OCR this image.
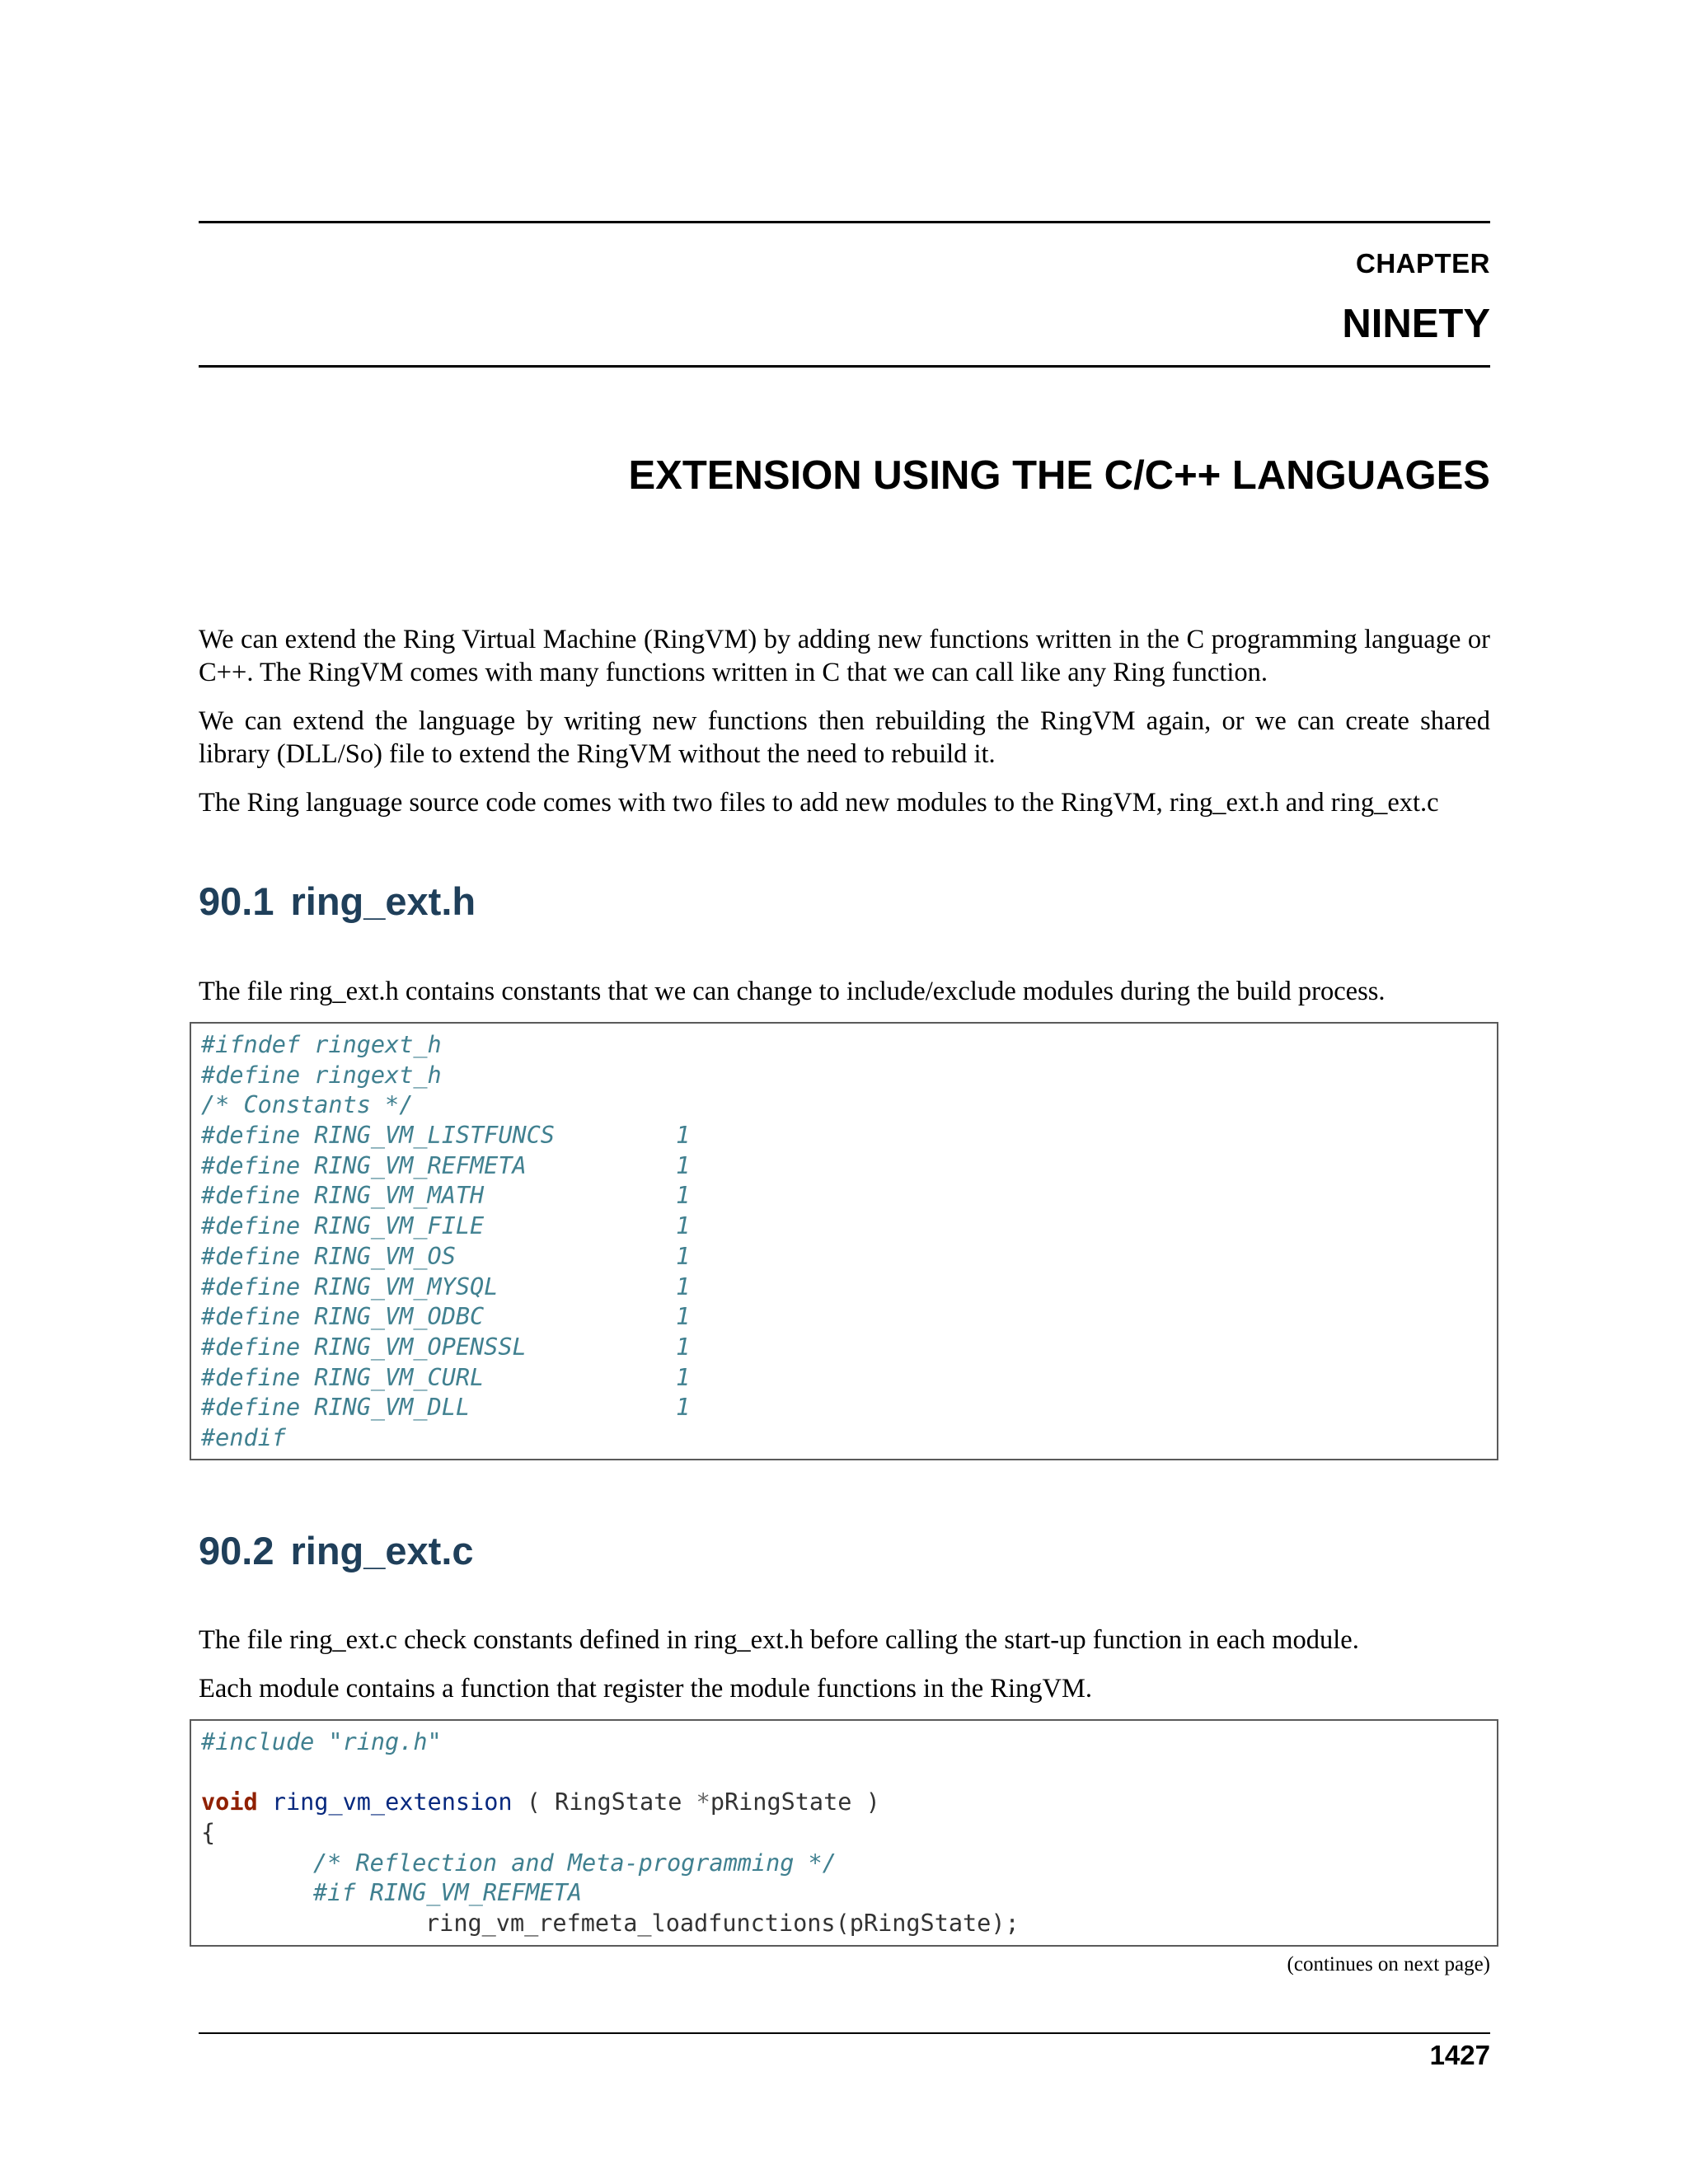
CHAPTER
NINETY
EXTENSION USING THE C/C++ LANGUAGES

We can extend the Ring Virtual Machine (RingVM) by adding new functions written in the C programming language or C++. The RingVM comes with many functions written in C that we can call like any Ring function.

We can extend the language by writing new functions then rebuilding the RingVM again, or we can create shared library (DLL/So) file to extend the RingVM without the need to rebuild it.

The Ring language source code comes with two files to add new modules to the RingVM, ring_ext.h and ring_ext.c

90.1 ring_ext.h

The file ring_ext.h contains constants that we can change to include/exclude modules during the build process.

#ifndef ringext_h
#define ringext_h
/* Constants */
#define RING_VM_LISTFUNCS	1
#define RING_VM_REFMETA	1
#define RING_VM_MATH	1
#define RING_VM_FILE	1
#define RING_VM_OS	1
#define RING_VM_MYSQL	1
#define RING_VM_ODBC	1
#define RING_VM_OPENSSL	1
#define RING_VM_CURL	1
#define RING_VM_DLL	1
#endif
90.2 ring_ext.c

The file ring_ext.c check constants defined in ring_ext.h before calling the start-up function in each module.

Each module contains a function that register the module functions in the RingVM.

#include "ring.h"
void ring_vm_extension ( RingState *pRingState )
{
/* Reflection and Meta-programming */
#if RING_VM_REFMETA
ring_vm_refmeta_loadfunctions(pRingState);
(continues on next page)
1427
